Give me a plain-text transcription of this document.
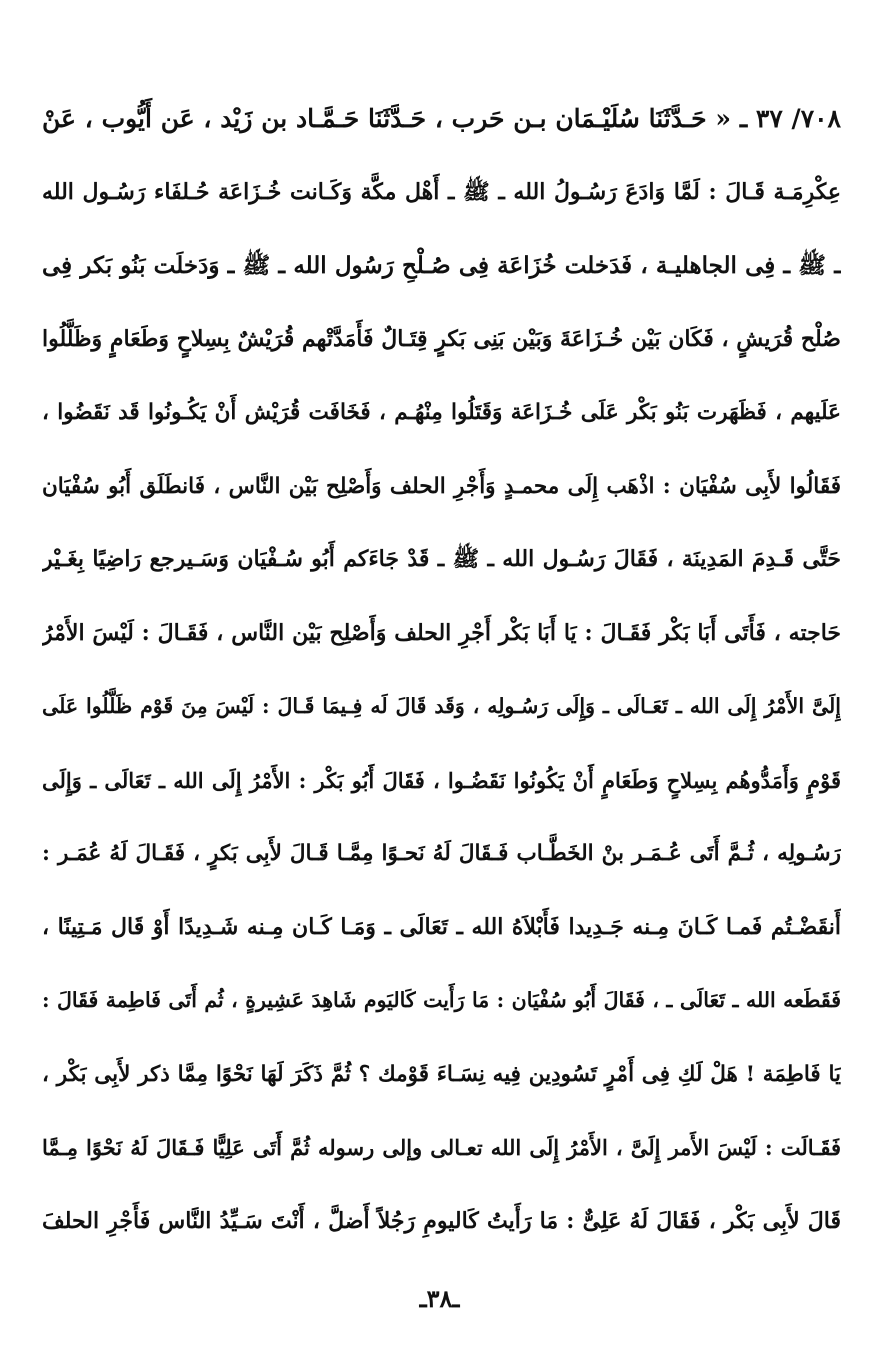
٧٠٨/ ٣٧ ـ « حَـدَّثَنَا سُلَيْـمَان بـن حَرب ، حَـدَّثَنَا حَـمَّـاد بن زَيْد ، عَن أَيُّوب ، عَنْ
عِكْرِمَـة قَـالَ : لَمَّا وَادَعَ رَسُـولُ الله ـ ﷺ ـ أَهْل مكَّة وَكَـانت خُـزَاعَة حُـلفَاء رَسُـول الله
ـ ﷺ ـ فِى الجاهليـة ، فَدَخلت خُزَاعَة فِى صُـلْحِ رَسُول الله ـ ﷺ ـ وَدَخلَت بَنُو بَكر فِى
صُلْح قُرَيشٍ ، فَكَان بَيْن خُـزَاعَةَ وَبَيْن بَنِى بَكرٍ قِتَـالٌ فَأَمَدَّتْهم قُرَيْشٌ بِسِلاحٍ وَطَعَامٍ وَظَلَّلُوا
عَلَيهم ، فَظَهَرت بَنُو بَكْر عَلَى خُـزَاعَة وَقَتَلُوا مِنْهُـم ، فَخَافَت قُرَيْش أَنْ يَكُـونُوا قَد نَقَضُوا ،
فَقَالُوا لأَبِى سُفْيَان : اذْهَب إِلَى محمـدٍ وَأَجْرِ الحلف وَأَصْلِح بَيْن النَّاس ، فَانطَلَق أَبُو سُفْيَان
حَتَّى قَـدِمَ المَدِينَة ، فَقَالَ رَسُـول الله ـ ﷺ ـ قَدْ جَاءَكم أَبُو سُـفْيَان وَسَـيرجع رَاضِيًا بِغَـيْر
حَاجته ، فَأَتَى أَبَا بَكْر فَقَـالَ : يَا أَبَا بَكْر أَجْرِ الحلف وَأَصْلِح بَيْن النَّاس ، فَقَـالَ : لَيْسَ الأَمْرُ
إِلَىَّ الأَمْرُ إِلَى الله ـ تَعَـالَى ـ وَإِلَى رَسُـولِه ، وَقَد قَالَ لَه فِـيمَا قَـالَ : لَيْسَ مِنَ قَوْم ظَلَّلُوا عَلَى
قَوْمٍ وَأَمَدُّوهُم بِسِلاحٍ وَطَعَامٍ أَنْ يَكُونُوا نَقَضُـوا ، فَقَالَ أَبُو بَكْر : الأَمْرُ إِلَى الله ـ تَعَالَى ـ وَإِلَى
رَسُـولِه ، ثُـمَّ أَتَى عُـمَـر بنْ الخَطَّـاب فَـقَالَ لَهُ نَحـوًا مِمَّـا قَـالَ لأَبِى بَكرٍ ، فَقَـالَ لَهُ عُمَـر :
أَنقَضْـتُم فَمـا كَـانَ مِـنه جَـدِيدا فَأَبْلاَهُ الله ـ تَعَالَى ـ وَمَـا كَـان مِـنه شَـدِيدًا أَوْ قَال مَـتِينًا ،
فَقَطَعه الله ـ تَعَالَى ـ ، فَقَالَ أَبُو سُفْيَان : مَا رَأَيت كَاليَوم شَاهِدَ عَشِيرةٍ ، ثُم أَتَى فَاطِمة فَقَالَ :
يَا فَاطِمَة ! هَلْ لَكِ فِى أَمْرٍ تَسُودِين فِيه نِسَـاءَ قَوْمك ؟ ثُمَّ ذَكَرَ لَهَا نَحْوًا مِمَّا ذكر لأَبِى بَكْر ،
فَقَـالَت : لَيْسَ الأَمر إِلَىَّ ، الأَمْرُ إِلَى الله تعـالى وإلى رسوله ثُمَّ أَتَى عَلِيًّا فَـقَالَ لَهُ نَحْوًا مِـمَّا
قَالَ لأَبِى بَكْر ، فَقَالَ لَهُ عَلِىٌّ : مَا رَأَيتُ كَاليومِ رَجُلاً أَضلَّ ، أَنْتَ سَـيِّدُ النَّاس فَأَجْرِ الحلفَ
ـ٣٨ـ
